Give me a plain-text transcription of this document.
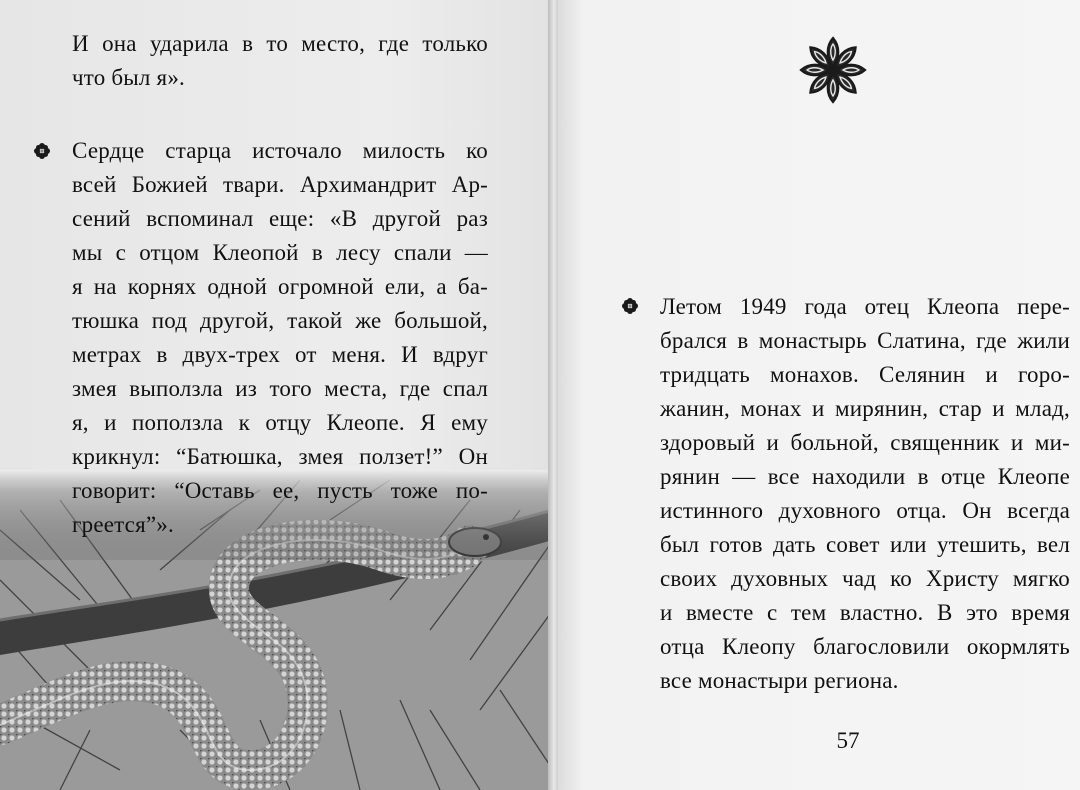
И она ударила в то место, где только
что был я».
Сердце старца источало милость ко
всей Божией твари. Архимандрит Ар-
сений вспоминал еще: «В другой раз
мы с отцом Клеопой в лесу спали —
я на корнях одной огромной ели, а ба-
тюшка под другой, такой же большой,
метрах в двух-трех от меня. И вдруг
змея выползла из того места, где спал
я, и поползла к отцу Клеопе. Я ему
крикнул: “Батюшка, змея ползет!” Он
говорит: “Оставь ее, пусть тоже по-
греется”».
Летом 1949 года отец Клеопа пере-
брался в монастырь Слатина, где жили
тридцать монахов. Селянин и горо-
жанин, монах и мирянин, стар и млад,
здоровый и больной, священник и ми-
рянин — все находили в отце Клеопе
истинного духовного отца. Он всегда
был готов дать совет или утешить, вел
своих духовных чад ко Христу мягко
и вместе с тем властно. В это время
отца Клеопу благословили окормлять
все монастыри региона.
57
